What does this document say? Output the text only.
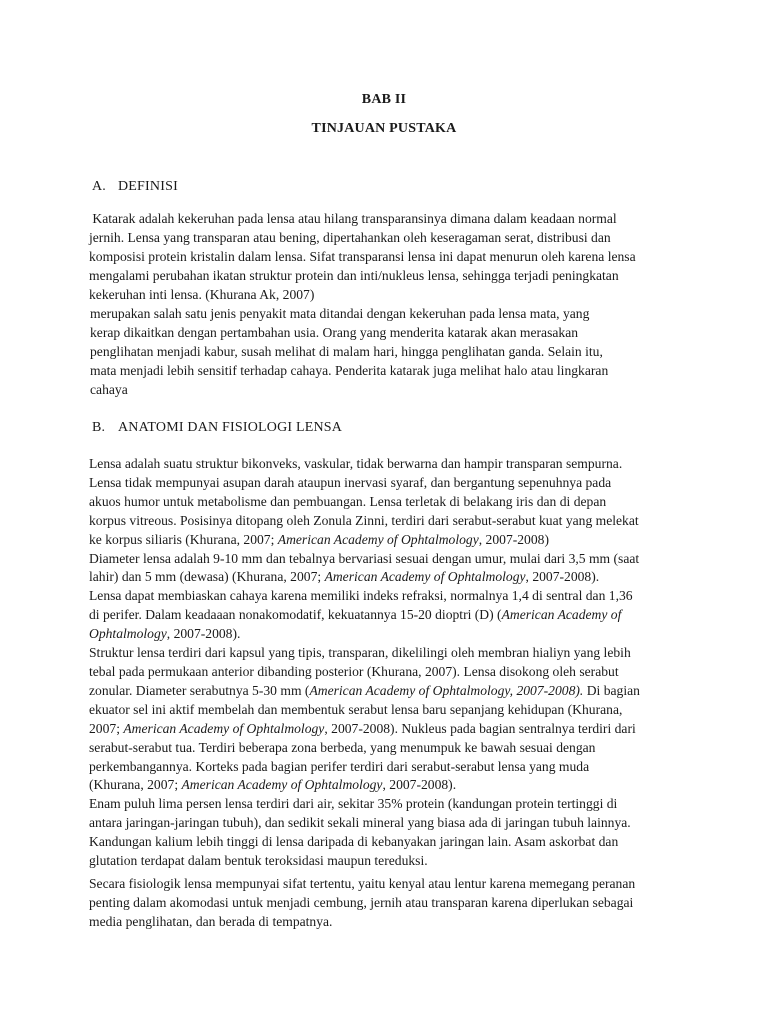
BAB II
TINJAUAN PUSTAKA
A. DEFINISI

Katarak adalah kekeruhan pada lensa atau hilang transparansinya dimana dalam keadaan normal
jernih. Lensa yang transparan atau bening, dipertahankan oleh keseragaman serat, distribusi dan
komposisi protein kristalin dalam lensa. Sifat transparansi lensa ini dapat menurun oleh karena lensa
mengalami perubahan ikatan struktur protein dan inti/nukleus lensa, sehingga terjadi peningkatan
kekeruhan inti lensa. (Khurana Ak, 2007)

merupakan salah satu jenis penyakit mata ditandai dengan kekeruhan pada lensa mata, yang
kerap dikaitkan dengan pertambahan usia. Orang yang menderita katarak akan merasakan
penglihatan menjadi kabur, susah melihat di malam hari, hingga penglihatan ganda. Selain itu,
mata menjadi lebih sensitif terhadap cahaya. Penderita katarak juga melihat halo atau lingkaran
cahaya

B. ANATOMI DAN FISIOLOGI LENSA

Lensa adalah suatu struktur bikonveks, vaskular, tidak berwarna dan hampir transparan sempurna.
Lensa tidak mempunyai asupan darah ataupun inervasi syaraf, dan bergantung sepenuhnya pada
akuos humor untuk metabolisme dan pembuangan. Lensa terletak di belakang iris dan di depan
korpus vitreous. Posisinya ditopang oleh Zonula Zinni, terdiri dari serabut-serabut kuat yang melekat
ke korpus siliaris (Khurana, 2007; American Academy of Ophtalmology, 2007-2008)
Diameter lensa adalah 9-10 mm dan tebalnya bervariasi sesuai dengan umur, mulai dari 3,5 mm (saat
lahir) dan 5 mm (dewasa) (Khurana, 2007; American Academy of Ophtalmology, 2007-2008).
Lensa dapat membiaskan cahaya karena memiliki indeks refraksi, normalnya 1,4 di sentral dan 1,36
di perifer. Dalam keadaaan nonakomodatif, kekuatannya 15-20 dioptri (D) (American Academy of
Ophtalmology, 2007-2008).
Struktur lensa terdiri dari kapsul yang tipis, transparan, dikelilingi oleh membran hialiyn yang lebih
tebal pada permukaan anterior dibanding posterior (Khurana, 2007). Lensa disokong oleh serabut
zonular. Diameter serabutnya 5-30 mm (American Academy of Ophtalmology, 2007-2008). Di bagian
ekuator sel ini aktif membelah dan membentuk serabut lensa baru sepanjang kehidupan (Khurana,
2007; American Academy of Ophtalmology, 2007-2008). Nukleus pada bagian sentralnya terdiri dari
serabut-serabut tua. Terdiri beberapa zona berbeda, yang menumpuk ke bawah sesuai dengan
perkembangannya. Korteks pada bagian perifer terdiri dari serabut-serabut lensa yang muda
(Khurana, 2007; American Academy of Ophtalmology, 2007-2008).
Enam puluh lima persen lensa terdiri dari air, sekitar 35% protein (kandungan protein tertinggi di
antara jaringan-jaringan tubuh), dan sedikit sekali mineral yang biasa ada di jaringan tubuh lainnya.
Kandungan kalium lebih tinggi di lensa daripada di kebanyakan jaringan lain. Asam askorbat dan
glutation terdapat dalam bentuk teroksidasi maupun tereduksi.

Secara fisiologik lensa mempunyai sifat tertentu, yaitu kenyal atau lentur karena memegang peranan
penting dalam akomodasi untuk menjadi cembung, jernih atau transparan karena diperlukan sebagai
media penglihatan, dan berada di tempatnya.
